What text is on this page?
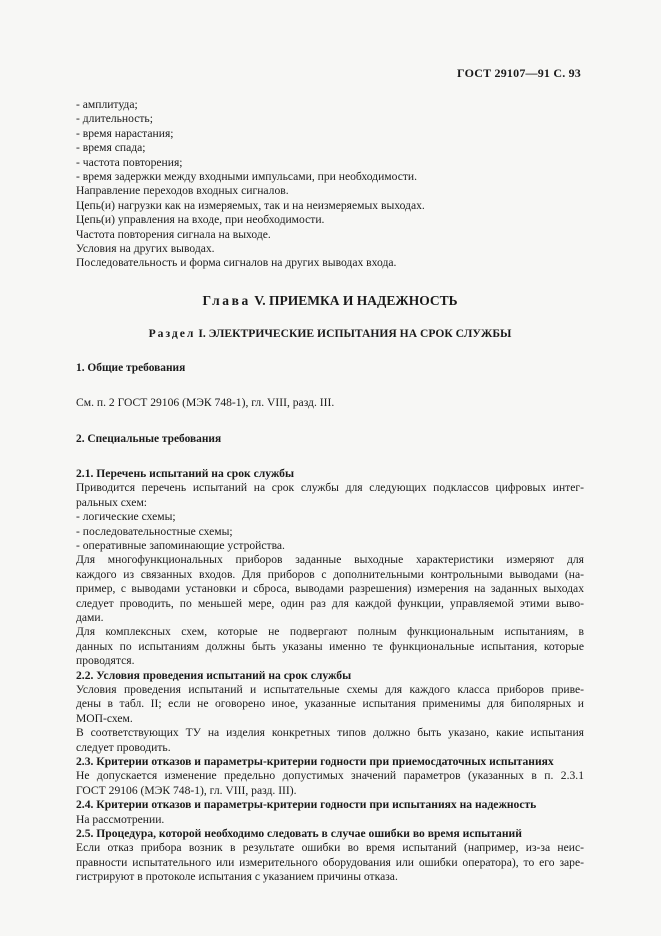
ГОСТ 29107—91 С. 93
- амплитуда;
- длительность;
- время нарастания;
- время спада;
- частота повторения;
- время задержки между входными импульсами, при необходимости.
Направление переходов входных сигналов.
Цепь(и) нагрузки как на измеряемых, так и на неизмеряемых выходах.
Цепь(и) управления на входе, при необходимости.
Частота повторения сигнала на выходе.
Условия на других выводах.
Последовательность и форма сигналов на других выводах входа.
Глава V. ПРИЕМКА И НАДЕЖНОСТЬ
Раздел I. ЭЛЕКТРИЧЕСКИЕ ИСПЫТАНИЯ НА СРОК СЛУЖБЫ
1. Общие требования
См. п. 2 ГОСТ 29106 (МЭК 748-1), гл. VIII, разд. III.
2. Специальные требования
2.1. Перечень испытаний на срок службы
Приводится перечень испытаний на срок службы для следующих подклассов цифровых интег-
ральных схем:
- логические схемы;
- последовательностные схемы;
- оперативные запоминающие устройства.
Для многофункциональных приборов заданные выходные характеристики измеряют для
каждого из связанных входов. Для приборов с дополнительными контрольными выводами (на-
пример, с выводами установки и сброса, выводами разрешения) измерения на заданных выходах
следует проводить, по меньшей мере, один раз для каждой функции, управляемой этими выво-
дами.
Для комплексных схем, которые не подвергают полным функциональным испытаниям, в
данных по испытаниям должны быть указаны именно те функциональные испытания, которые
проводятся.
2.2. Условия проведения испытаний на срок службы
Условия проведения испытаний и испытательные схемы для каждого класса приборов приве-
дены в табл. II; если не оговорено иное, указанные испытания применимы для биполярных и
МОП-схем.
В соответствующих ТУ на изделия конкретных типов должно быть указано, какие испытания
следует проводить.
2.3. Критерии отказов и параметры-критерии годности при приемосдаточных испытаниях
Не допускается изменение предельно допустимых значений параметров (указанных в п. 2.3.1
ГОСТ 29106 (МЭК 748-1), гл. VIII, разд. III).
2.4. Критерии отказов и параметры-критерии годности при испытаниях на надежность
На рассмотрении.
2.5. Процедура, которой необходимо следовать в случае ошибки во время испытаний
Если отказ прибора возник в результате ошибки во время испытаний (например, из-за неис-
правности испытательного или измерительного оборудования или ошибки оператора), то его заре-
гистрируют в протоколе испытания с указанием причины отказа.
